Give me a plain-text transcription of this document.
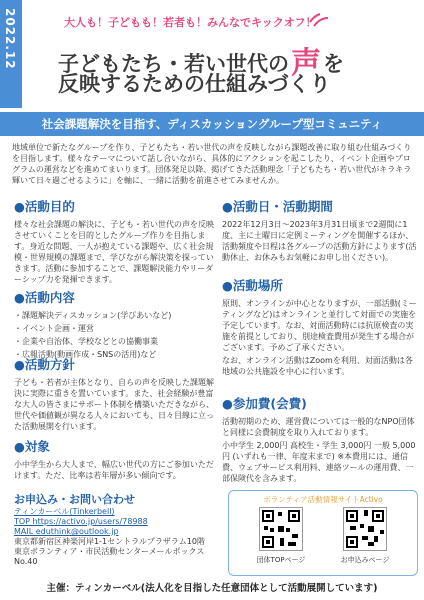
2022.12	大人も！子どもも！若者も！みんなでキックオフ！
子どもたち・若い世代の声を
反映するための仕組みづくり
社会課題解決を目指す、ディスカッショングループ型コミュニティ
地域単位で新たなグループを作り、子どもたち・若い世代の声を反映しながら課題改善に取り組む仕組みづくりを目指します。様々なテーマについて話し合いながら、具体的にアクションを起こしたり、イベント企画やプログラムの運営などを進めてまいります。団体発足以降、掲げてきた活動理念「子どもたち・若い世代がキラキラ輝いて日々過ごせるように」を軸に、一緒に活動を前進させてみませんか。
●活動目的
様々な社会課題の解決に、子ども・若い世代の声を反映させていくことを目的としたグループ作りを目指します。身近な問題、一人が抱えている課題や、広く社会規模・世界規模の課題まで、学びながら解決策を探っていきます。活動に参加することで、課題解決能力やリーダーシップ力を発揮できます。
●活動内容

・課題解決ディスカッション(学びあいなど)

・イベント企画・運営

・企業や自治体、学校などとの協働事業

・広報活動(動画作成・SNSの活用)など

●活動方針
子ども・若者が主体となり、自らの声を反映した課題解決に実際に重きを置いています。また、社会経験が豊富な大人の皆さまにサポート体制を構築いただきながら、世代や価値観が異なる人々においても、日々目線に立った活動展開を行います。
●対象
小中学生から大人まで、幅広い世代の方にご参加いただけます。ただ、比率は若年層が多い傾向です。
●活動日・活動期間
2022年12月3日〜2023年3月31日頃まで2週間に1度、主に土曜日に定例ミーティングを開催するほか、活動頻度や日程は各グループの活動方針によります(活動休止、お休みもお気軽にお申し出ください)。
●活動場所

原則、オンラインが中心となりますが、一部活動(ミーティングなど)はオンラインと並行して対面での実施を予定しています。なお、対面活動時には抗原検査の実施を前提としており、別途検査費用が発生する場合がございます。予めご了承ください。

なお、オンライン活動はZoomを利用、対面活動は各地域の公共施設を中心に行います。

●参加費(会費)

活動初期のため、運営費については一般的なNPO団体と同様に会費制度を取り入れております。

小中学生 2,000円 高校生・学生 3,000円 一般 5,000円 (いずれも一律、年度末まで) ※本費用には、通信費、ウェブサービス利用料、連絡ツールの運用費、一部保険代を含みます。

お申込み・お問い合わせ
ティンカーベル(Tinkerbell)
TOP https://activo.jp/users/78988
MAIL eduthink@outlook.jp
東京都新宿区神楽河岸1-1セントラルプラザラム10階
東京ボランティア・市民活動センターメールボックスNo.40
ボランティア活動情報サイトActivo
団体TOPページ	お申込みページ
主催：ティンカーベル(法人化を目指した任意団体として活動展開しています)
